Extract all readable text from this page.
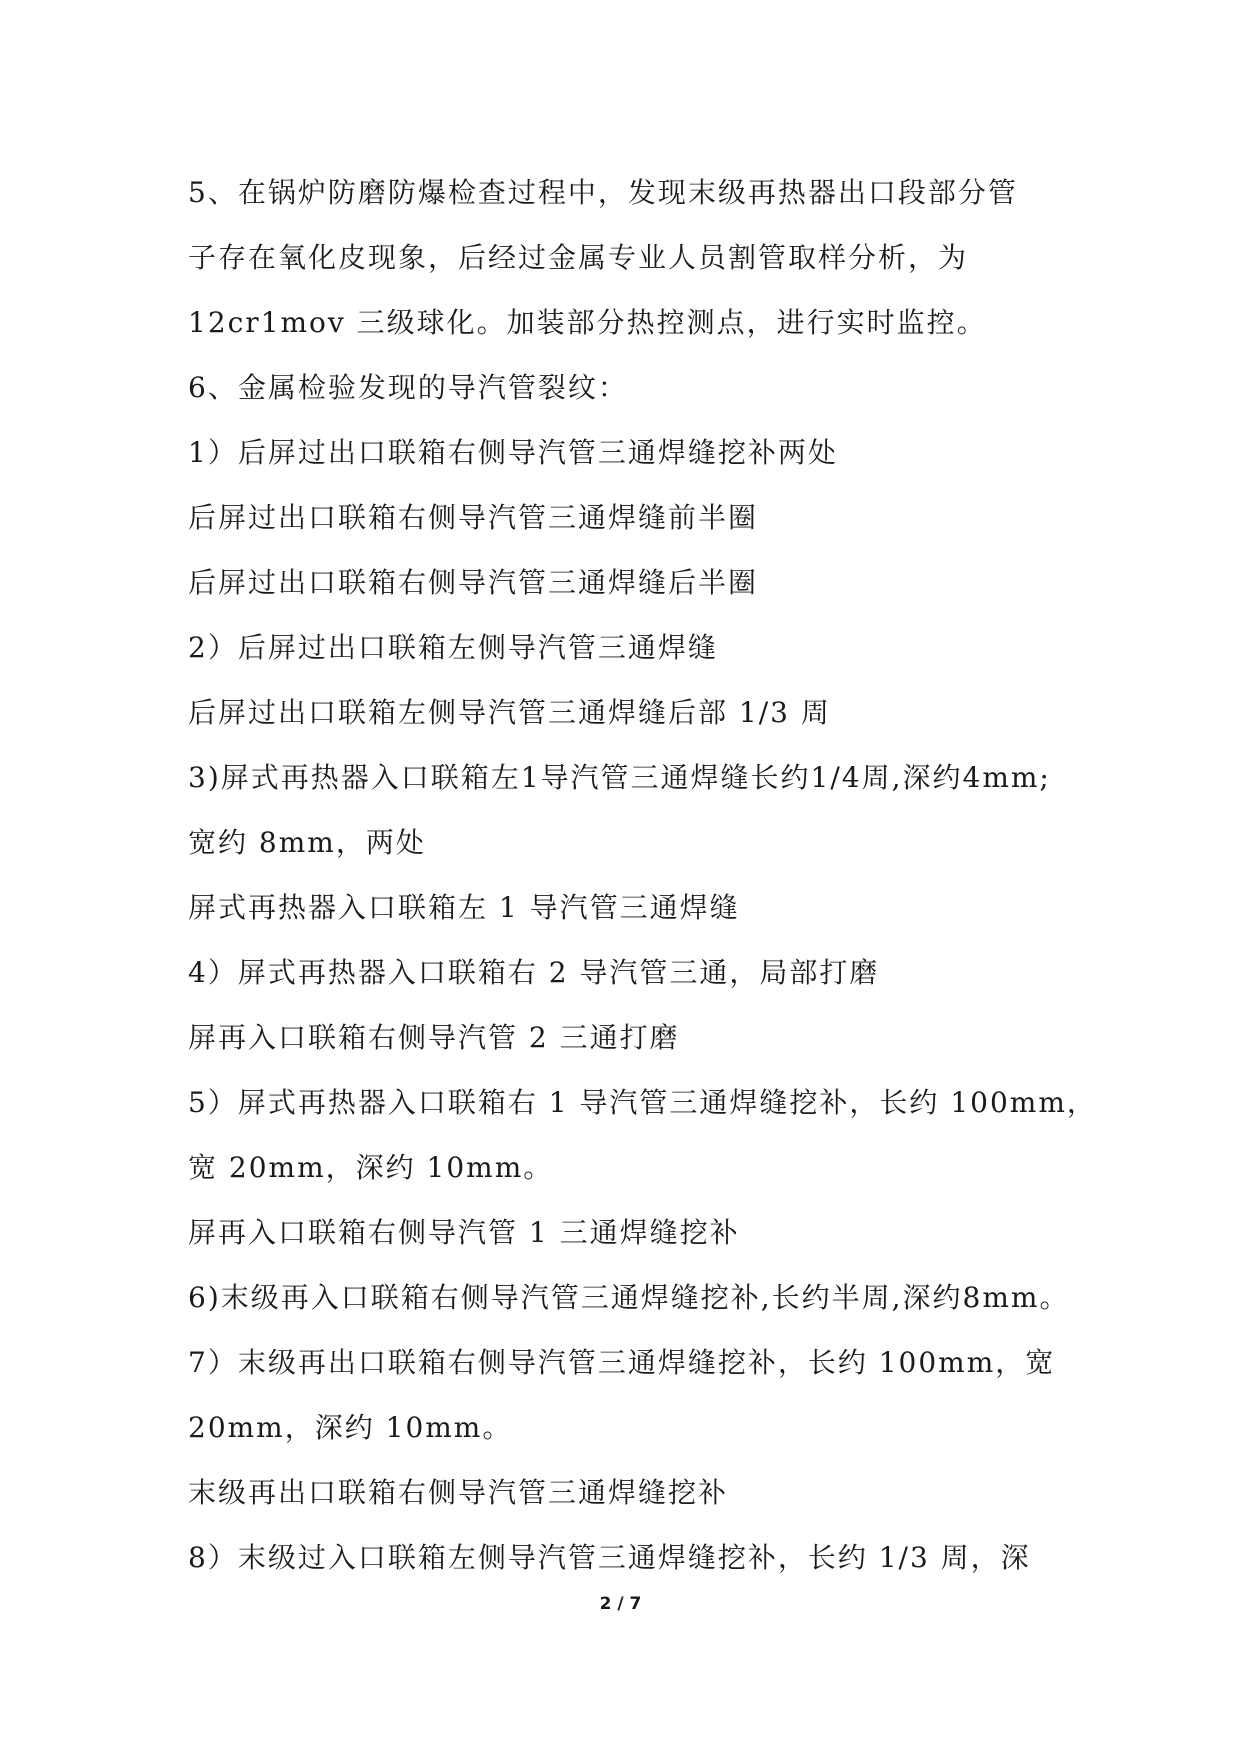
5、在锅炉防磨防爆检查过程中，发现末级再热器出口段部分管
子存在氧化皮现象，后经过金属专业人员割管取样分析，为
12cr1mov 三级球化。加装部分热控测点，进行实时监控。
6、金属检验发现的导汽管裂纹：
1）后屏过出口联箱右侧导汽管三通焊缝挖补两处
后屏过出口联箱右侧导汽管三通焊缝前半圈
后屏过出口联箱右侧导汽管三通焊缝后半圈
2）后屏过出口联箱左侧导汽管三通焊缝
后屏过出口联箱左侧导汽管三通焊缝后部 1/3 周
3)屏式再热器入口联箱左1导汽管三通焊缝长约1/4周,深约4mm;
宽约 8mm，两处
屏式再热器入口联箱左 1 导汽管三通焊缝
4）屏式再热器入口联箱右 2 导汽管三通，局部打磨
屏再入口联箱右侧导汽管 2 三通打磨
5）屏式再热器入口联箱右 1 导汽管三通焊缝挖补，长约 100mm，
宽 20mm，深约 10mm。
屏再入口联箱右侧导汽管 1 三通焊缝挖补
6)末级再入口联箱右侧导汽管三通焊缝挖补,长约半周,深约8mm。
7）末级再出口联箱右侧导汽管三通焊缝挖补，长约 100mm，宽
20mm，深约 10mm。
末级再出口联箱右侧导汽管三通焊缝挖补
8）末级过入口联箱左侧导汽管三通焊缝挖补，长约 1/3 周，深
2 / 7
